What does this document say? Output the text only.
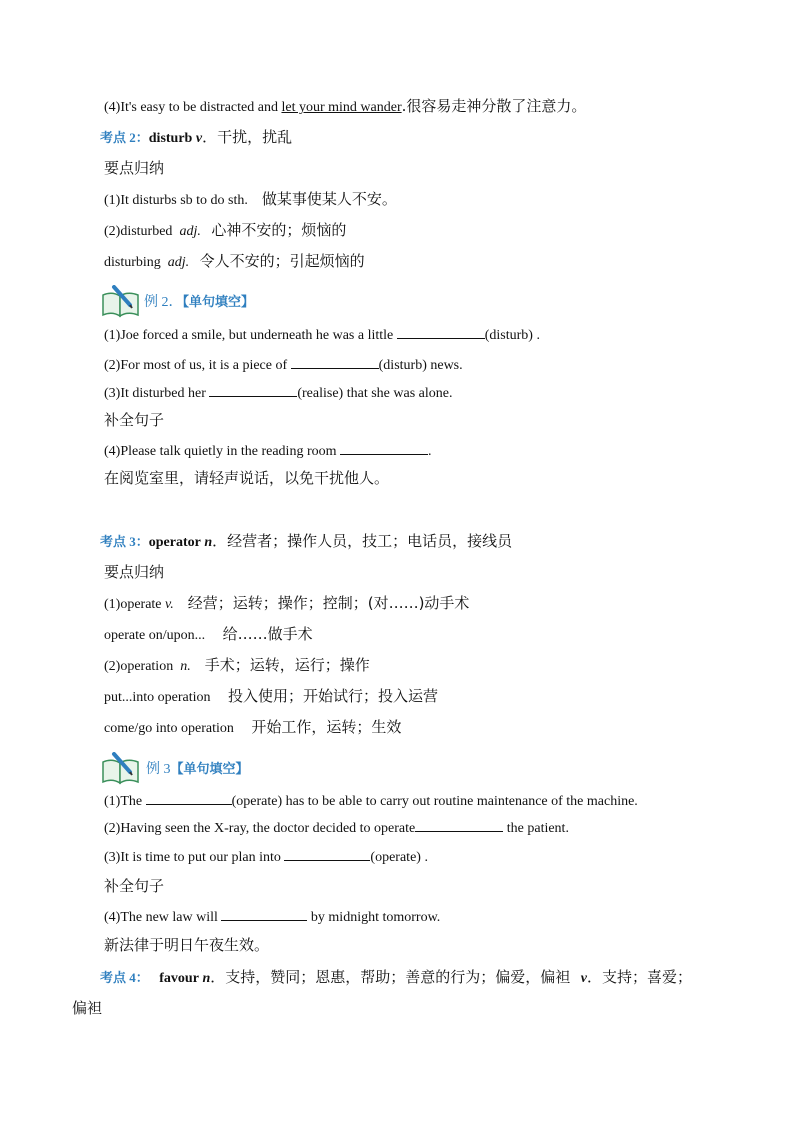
(4)It's easy to be distracted and let your mind wander.很容易走神分散了注意力。
考点 2：disturb v．干扰，扰乱
要点归纳
(1)It disturbs sb to do sth. 做某事使某人不安。
(2)disturbed adj. 心神不安的；烦恼的
disturbing adj. 令人不安的；引起烦恼的
例 2．【单句填空】
(1)Joe forced a smile, but underneath he was a little	(disturb) .
(2)For most of us, it is a piece of	(disturb) news.
(3)It disturbed her	(realise) that she was alone.
补全句子
(4)Please talk quietly in the reading room	.
在阅览室里，请轻声说话，以免干扰他人。
考点 3：operator n．经营者；操作人员，技工；电话员，接线员
要点归纳
(1)operate v. 经营；运转；操作；控制；(对……)动手术
operate on/upon... 给……做手术
(2)operation n. 手术；运转，运行；操作
put...into operation 投入使用；开始试行；投入运营
come/go into operation 开始工作，运转；生效
例 3【单句填空】
(1)The	(operate) has to be able to carry out routine maintenance of the machine.
(2)Having seen the X-ray, the doctor decided to operate	the patient.
(3)It is time to put our plan into	(operate) .
补全句子
(4)The new law will	by midnight tomorrow.
新法律于明日午夜生效。
考点 4： favour n．支持，赞同；恩惠，帮助；善意的行为；偏爱，偏袒 v．支持；喜爱；
偏袒
